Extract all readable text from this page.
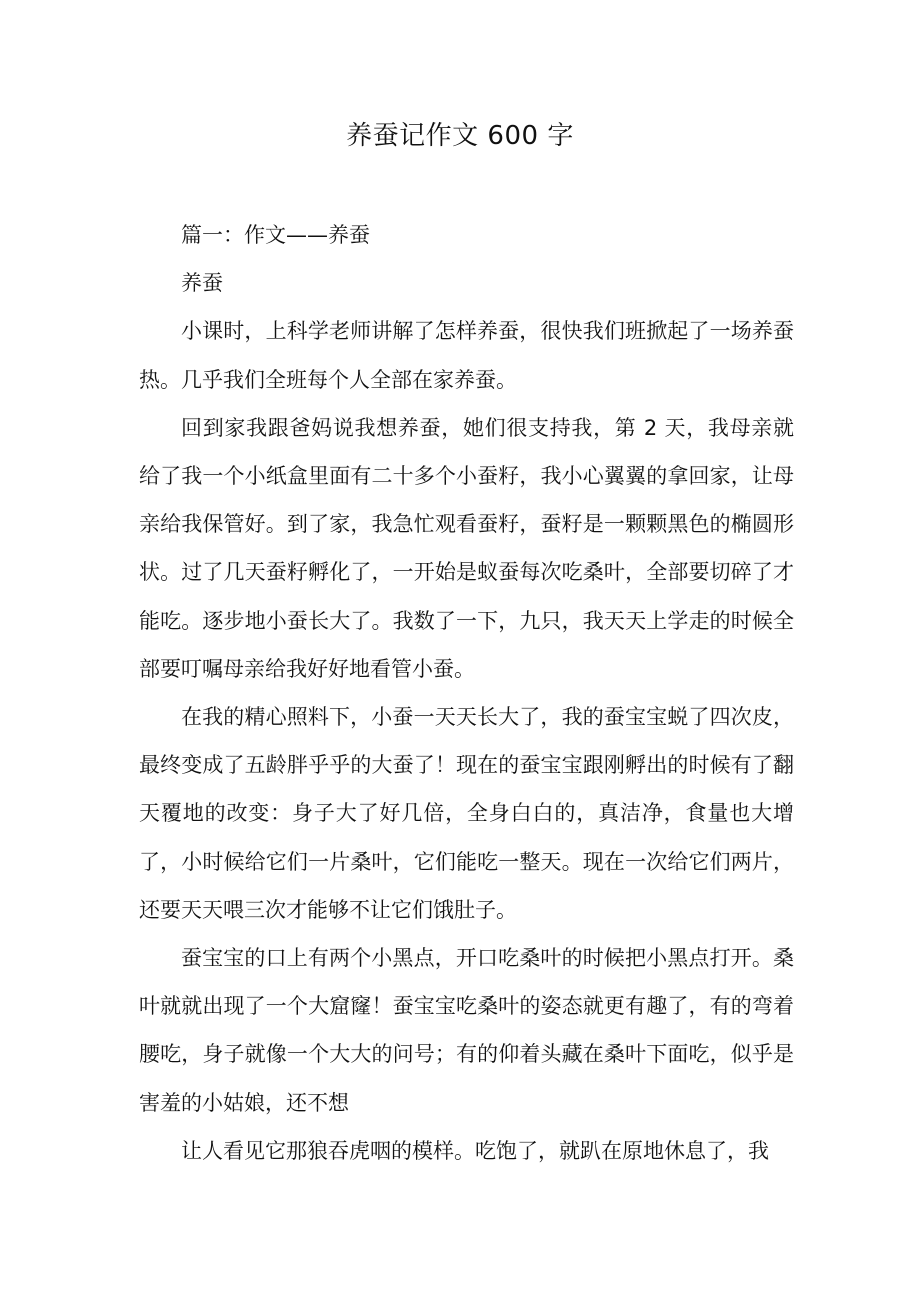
养蚕记作文 600 字

篇一：作文——养蚕

养蚕

小课时，上科学老师讲解了怎样养蚕，很快我们班掀起了一场养蚕热。几乎我们全班每个人全部在家养蚕。

回到家我跟爸妈说我想养蚕，她们很支持我，第 2 天，我母亲就给了我一个小纸盒里面有二十多个小蚕籽，我小心翼翼的拿回家，让母亲给我保管好。到了家，我急忙观看蚕籽，蚕籽是一颗颗黑色的椭圆形状。过了几天蚕籽孵化了，一开始是蚁蚕每次吃桑叶，全部要切碎了才能吃。逐步地小蚕长大了。我数了一下，九只，我天天上学走的时候全部要叮嘱母亲给我好好地看管小蚕。

在我的精心照料下，小蚕一天天长大了，我的蚕宝宝蜕了四次皮，最终变成了五龄胖乎乎的大蚕了！现在的蚕宝宝跟刚孵出的时候有了翻天覆地的改变：身子大了好几倍，全身白白的，真洁净，食量也大增了，小时候给它们一片桑叶，它们能吃一整天。现在一次给它们两片，还要天天喂三次才能够不让它们饿肚子。

蚕宝宝的口上有两个小黑点，开口吃桑叶的时候把小黑点打开。桑叶就就出现了一个大窟窿！蚕宝宝吃桑叶的姿态就更有趣了，有的弯着腰吃，身子就像一个大大的问号；有的仰着头藏在桑叶下面吃，似乎是害羞的小姑娘，还不想

让人看见它那狼吞虎咽的模样。吃饱了，就趴在原地休息了，我
